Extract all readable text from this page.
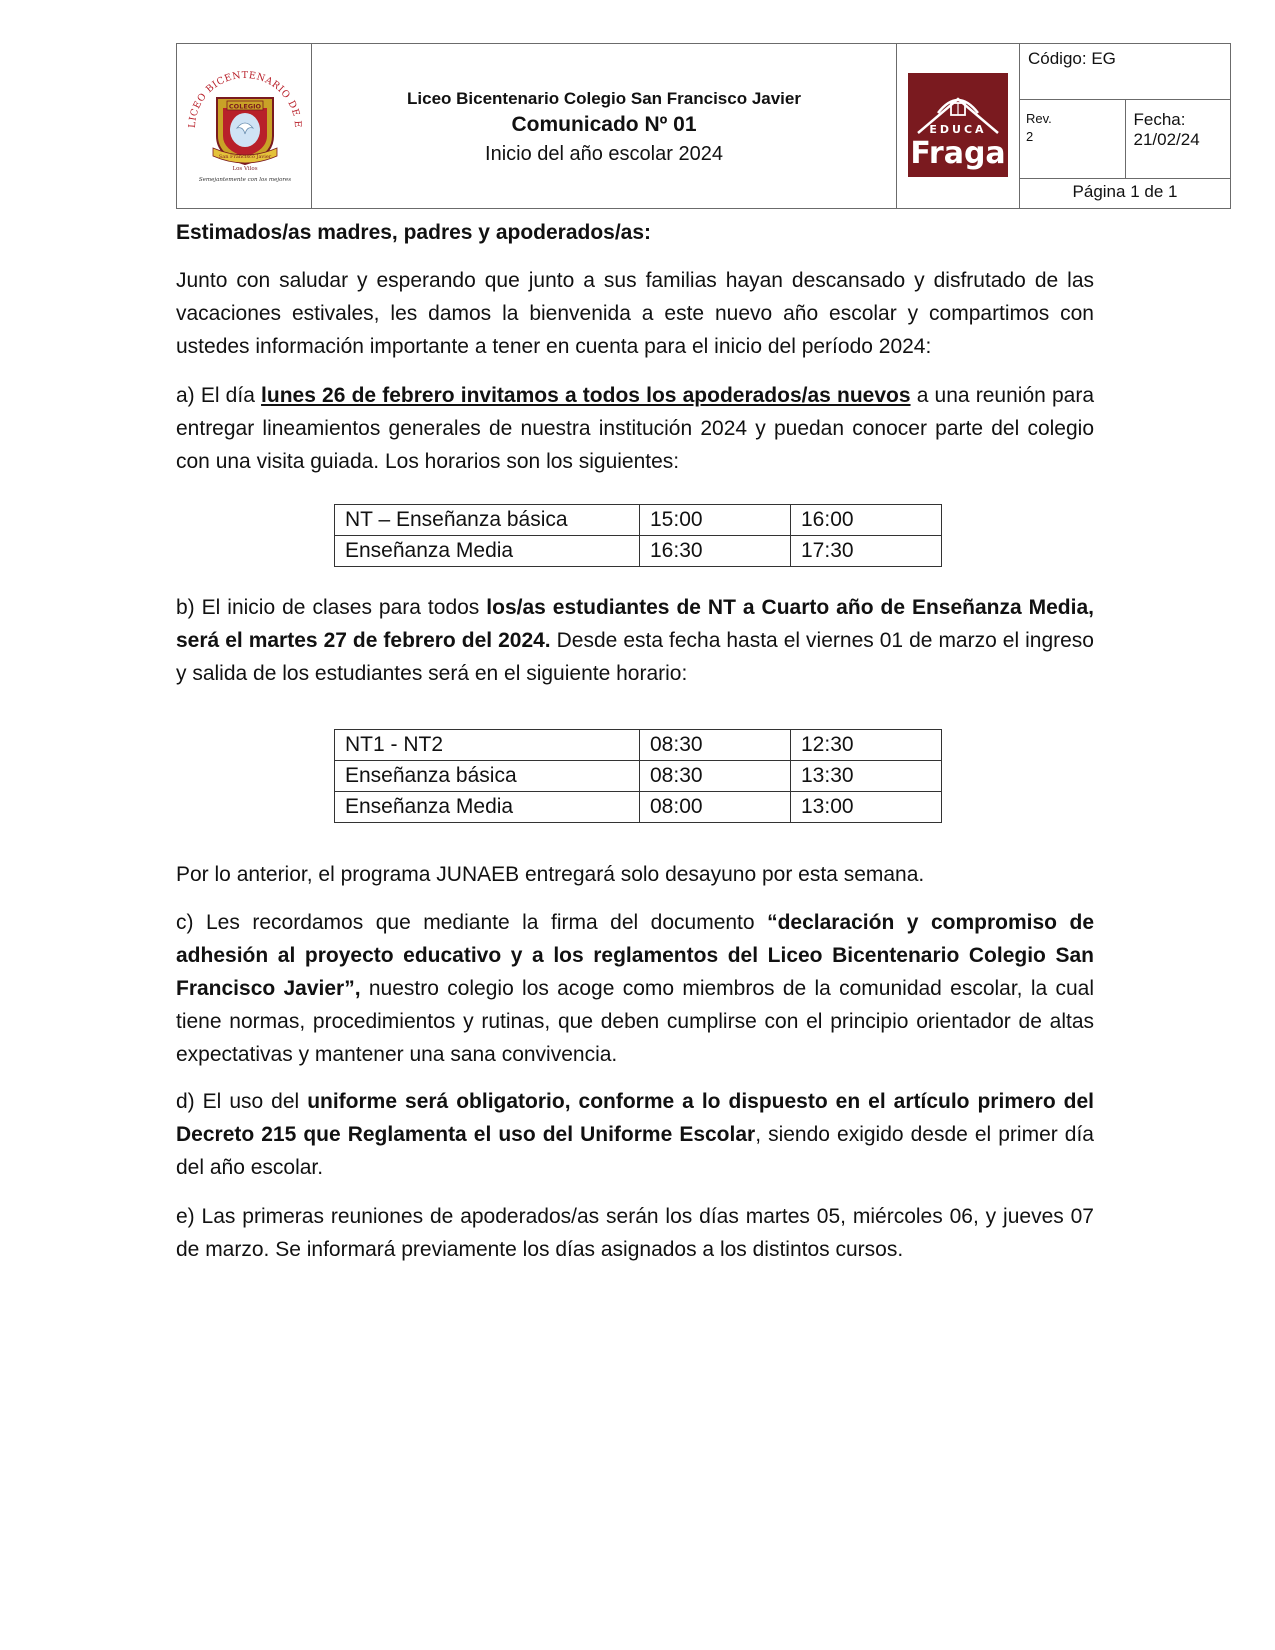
LICEO BICENTENARIO DE E
COLEGIO
San Francisco Javier
Los Vilos
Semejantemente con los mejores

Liceo Bicentenario Colegio San Francisco Javier
Comunicado Nº 01
Inicio del año escolar 2024

EDUCA
Fraga

Código: EG
Rev.
2	Fecha: 21/02/24
Página 1 de 1
Estimados/as madres, padres y apoderados/as:
Junto con saludar y esperando que junto a sus familias hayan descansado y disfrutado de las vacaciones estivales, les damos la bienvenida a este nuevo año escolar y compartimos con ustedes información importante a tener en cuenta para el inicio del período 2024:
a) El día lunes 26 de febrero invitamos a todos los apoderados/as nuevos a una reunión para entregar lineamientos generales de nuestra institución 2024 y puedan conocer parte del colegio con una visita guiada. Los horarios son los siguientes:
NT – Enseñanza básica	15:00	16:00
Enseñanza Media	16:30	17:30
b) El inicio de clases para todos los/as estudiantes de NT a Cuarto año de Enseñanza Media, será el martes 27 de febrero del 2024. Desde esta fecha hasta el viernes 01 de marzo el ingreso y salida de los estudiantes será en el siguiente horario:
NT1 - NT2	08:30	12:30
Enseñanza básica	08:30	13:30
Enseñanza Media	08:00	13:00
Por lo anterior, el programa JUNAEB entregará solo desayuno por esta semana.
c) Les recordamos que mediante la firma del documento “declaración y compromiso de adhesión al proyecto educativo y a los reglamentos del Liceo Bicentenario Colegio San Francisco Javier”, nuestro colegio los acoge como miembros de la comunidad escolar, la cual tiene normas, procedimientos y rutinas, que deben cumplirse con el principio orientador de altas expectativas y mantener una sana convivencia.
d) El uso del uniforme será obligatorio, conforme a lo dispuesto en el artículo primero del Decreto 215 que Reglamenta el uso del Uniforme Escolar, siendo exigido desde el primer día del año escolar.
e) Las primeras reuniones de apoderados/as serán los días martes 05, miércoles 06, y jueves 07 de marzo. Se informará previamente los días asignados a los distintos cursos.
